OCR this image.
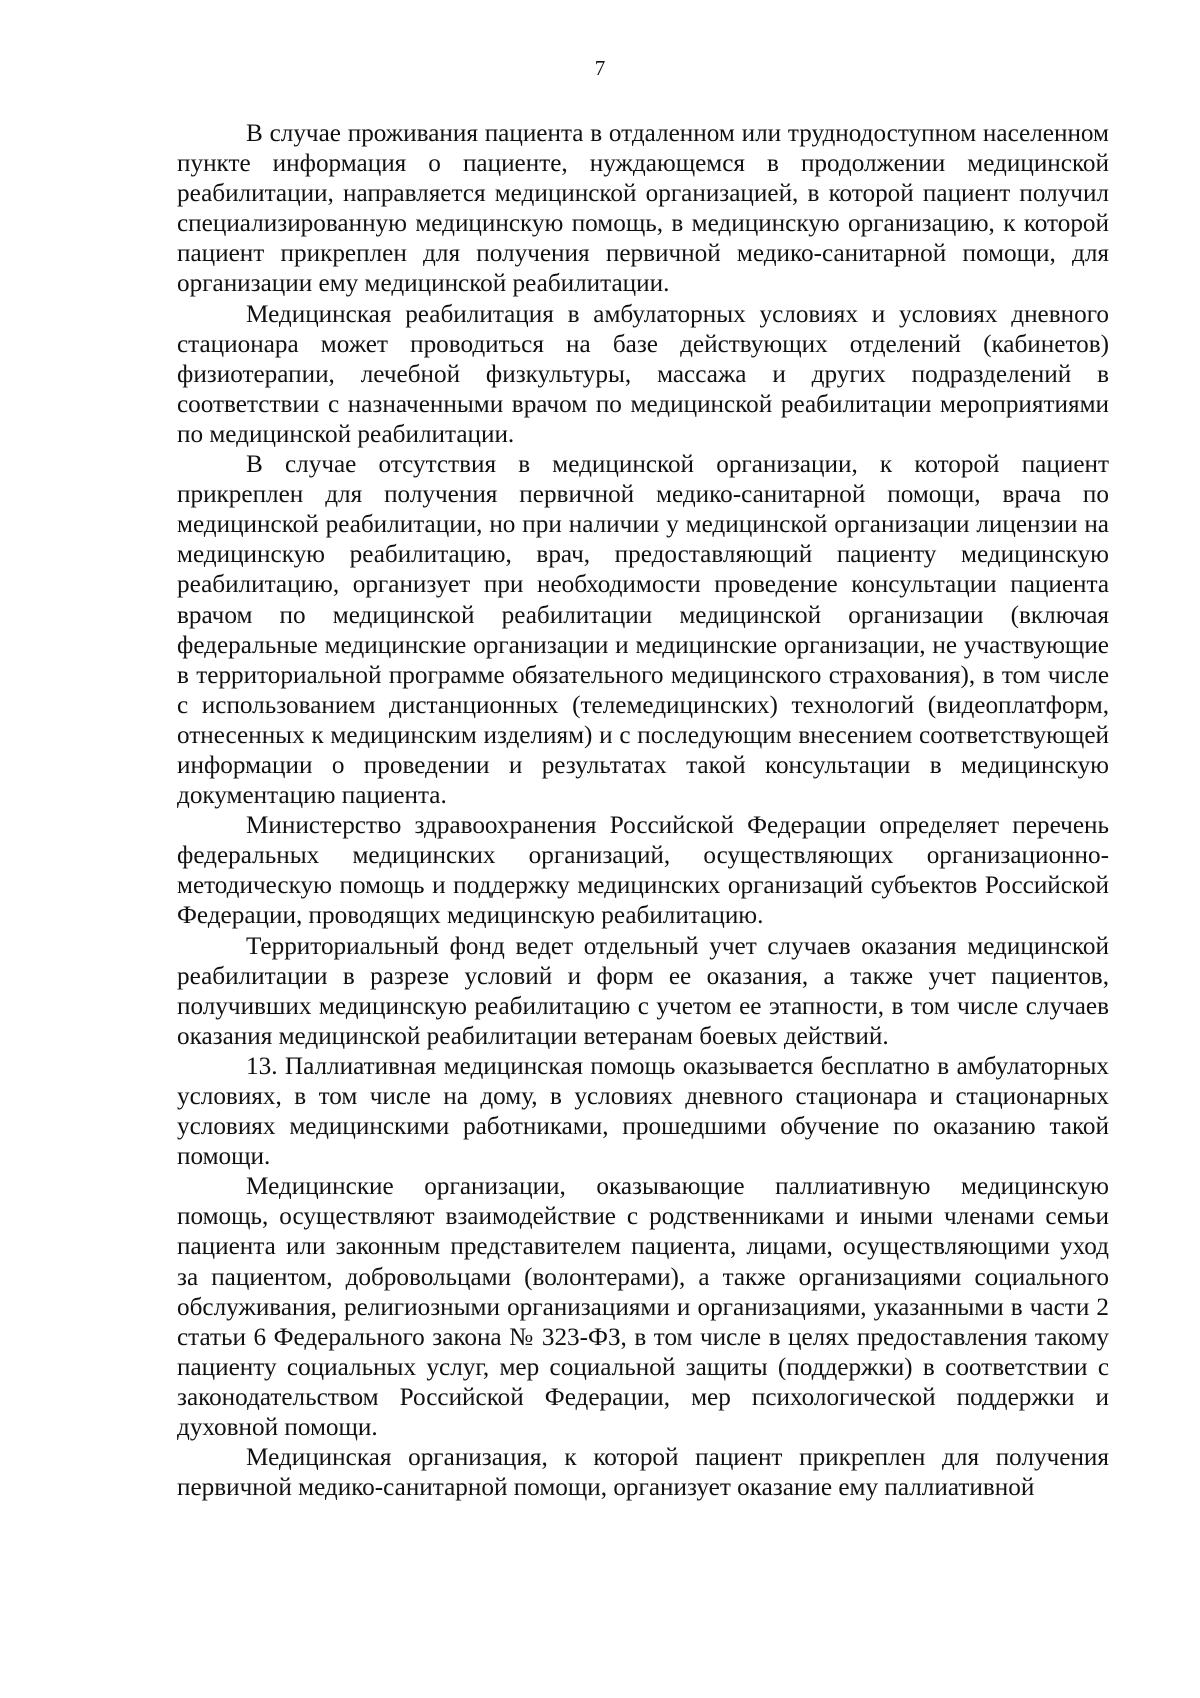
7

В случае проживания пациента в отдаленном или труднодоступном населенном пункте информация о пациенте, нуждающемся в продолжении медицинской реабилитации, направляется медицинской организацией, в которой пациент получил специализированную медицинскую помощь, в медицинскую организацию, к которой пациент прикреплен для получения первичной медико-санитарной помощи, для организации ему медицинской реабилитации.

Медицинская реабилитация в амбулаторных условиях и условиях дневного стационара может проводиться на базе действующих отделений (кабинетов) физиотерапии, лечебной физкультуры, массажа и других подразделений в соответствии с назначенными врачом по медицинской реабилитации мероприятиями по медицинской реабилитации.

В случае отсутствия в медицинской организации, к которой пациент прикреплен для получения первичной медико-санитарной помощи, врача по медицинской реабилитации, но при наличии у медицинской организации лицензии на медицинскую реабилитацию, врач, предоставляющий пациенту медицинскую реабилитацию, организует при необходимости проведение консультации пациента врачом по медицинской реабилитации медицинской организации (включая федеральные медицинские организации и медицинские организации, не участвующие в территориальной программе обязательного медицинского страхования), в том числе с использованием дистанционных (телемедицинских) технологий (видеоплатформ, отнесенных к медицинским изделиям) и с последующим внесением соответствующей информации о проведении и результатах такой консультации в медицинскую документацию пациента.

Министерство здравоохранения Российской Федерации определяет перечень федеральных медицинских организаций, осуществляющих организационно-методическую помощь и поддержку медицинских организаций субъектов Российской Федерации, проводящих медицинскую реабилитацию.

Территориальный фонд ведет отдельный учет случаев оказания медицинской реабилитации в разрезе условий и форм ее оказания, а также учет пациентов, получивших медицинскую реабилитацию с учетом ее этапности, в том числе случаев оказания медицинской реабилитации ветеранам боевых действий.

13. Паллиативная медицинская помощь оказывается бесплатно в амбулаторных условиях, в том числе на дому, в условиях дневного стационара и стационарных условиях медицинскими работниками, прошедшими обучение по оказанию такой помощи.

Медицинские организации, оказывающие паллиативную медицинскую помощь, осуществляют взаимодействие с родственниками и иными членами семьи пациента или законным представителем пациента, лицами, осуществляющими уход за пациентом, добровольцами (волонтерами), а также организациями социального обслуживания, религиозными организациями и организациями, указанными в части 2 статьи 6 Федерального закона № 323-ФЗ, в том числе в целях предоставления такому пациенту социальных услуг, мер социальной защиты (поддержки) в соответствии с законодательством Российской Федерации, мер психологической поддержки и духовной помощи.

Медицинская организация, к которой пациент прикреплен для получения первичной медико-санитарной помощи, организует оказание ему паллиативной
